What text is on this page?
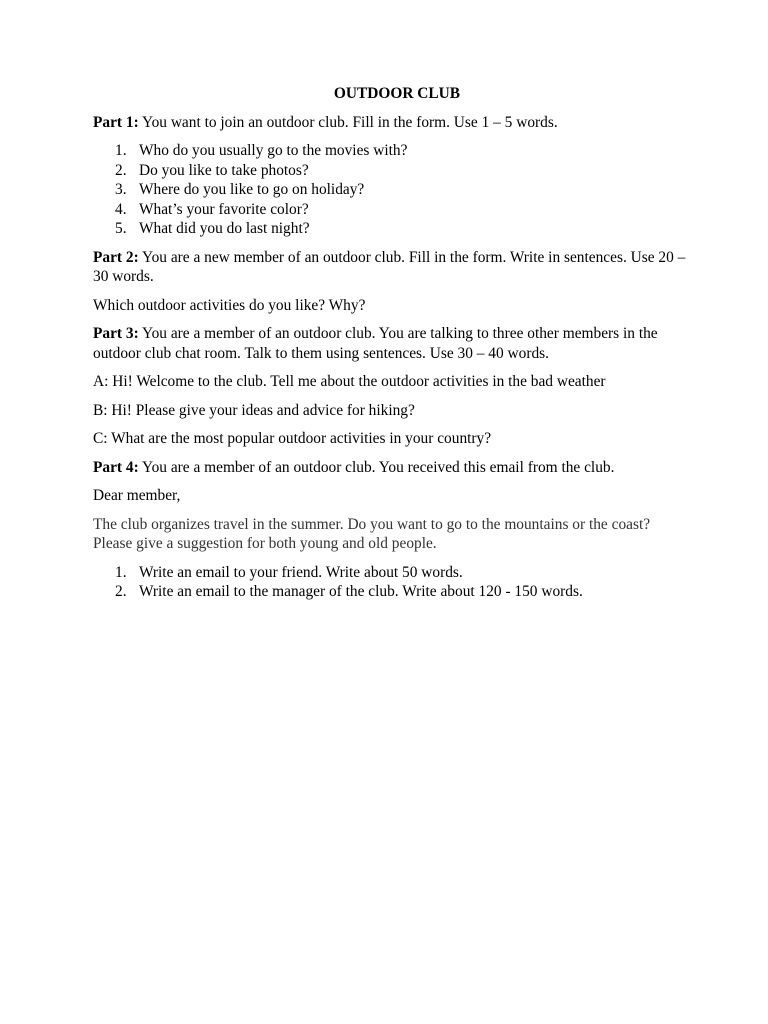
OUTDOOR CLUB

Part 1: You want to join an outdoor club. Fill in the form. Use 1 – 5 words.

1. Who do you usually go to the movies with?
2. Do you like to take photos?
3. Where do you like to go on holiday?
4. What’s your favorite color?
5. What did you do last night?

Part 2: You are a new member of an outdoor club. Fill in the form. Write in sentences. Use 20 – 30 words.

Which outdoor activities do you like? Why?

Part 3: You are a member of an outdoor club. You are talking to three other members in the outdoor club chat room. Talk to them using sentences. Use 30 – 40 words.

A: Hi! Welcome to the club. Tell me about the outdoor activities in the bad weather

B: Hi! Please give your ideas and advice for hiking?

C: What are the most popular outdoor activities in your country?

Part 4: You are a member of an outdoor club. You received this email from the club.

Dear member,

The club organizes travel in the summer. Do you want to go to the mountains or the coast? Please give a suggestion for both young and old people.

1. Write an email to your friend. Write about 50 words.
2. Write an email to the manager of the club. Write about 120 - 150 words.
